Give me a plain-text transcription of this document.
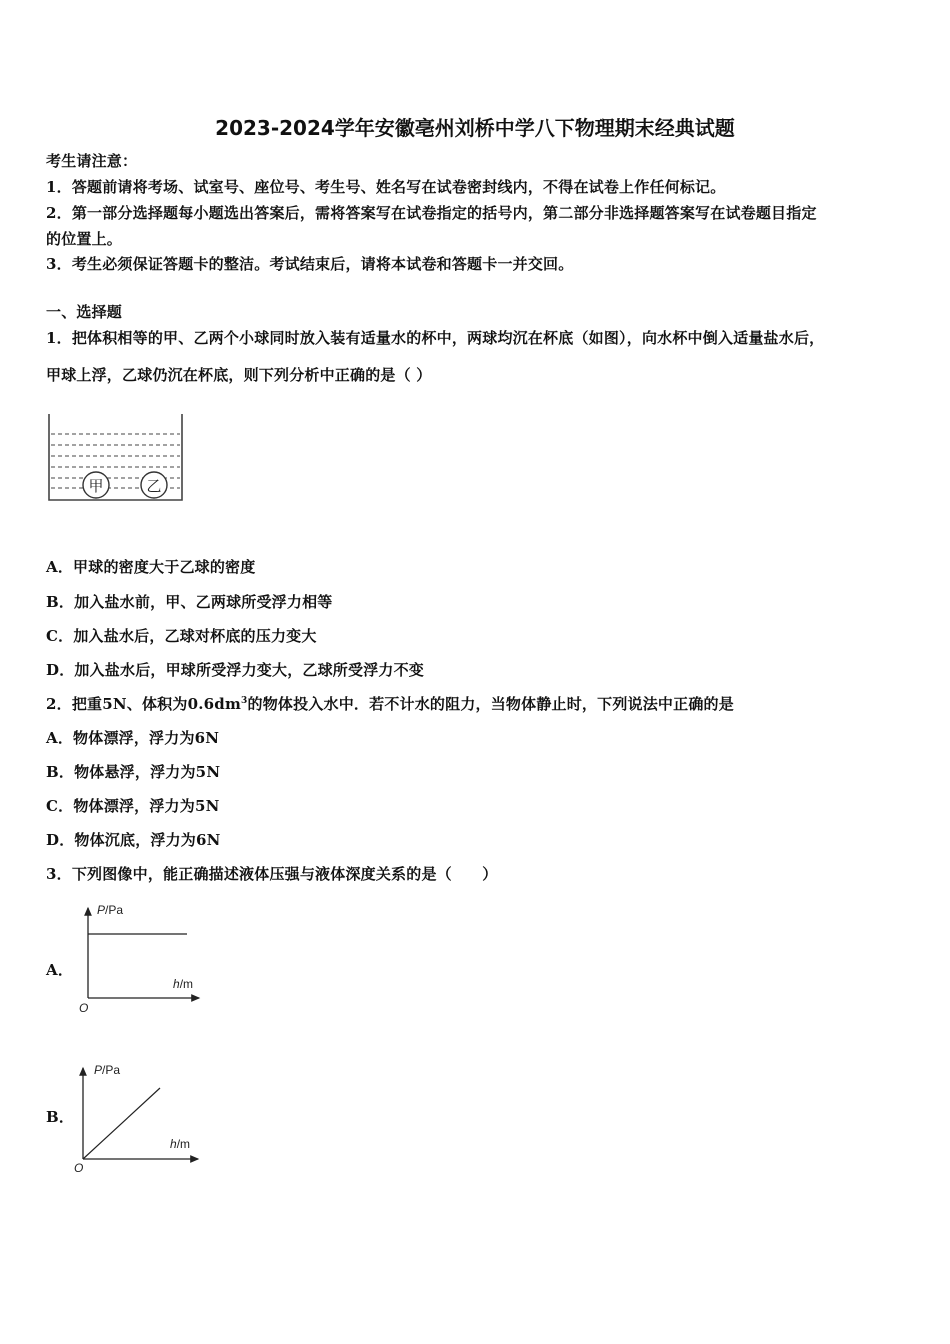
2023-2024学年安徽亳州刘桥中学八下物理期末经典试题
考生请注意：
1．答题前请将考场、试室号、座位号、考生号、姓名写在试卷密封线内，不得在试卷上作任何标记。
2．第一部分选择题每小题选出答案后，需将答案写在试卷指定的括号内，第二部分非选择题答案写在试卷题目指定
的位置上。
3．考生必须保证答题卡的整洁。考试结束后，请将本试卷和答题卡一并交回。
一、选择题
1．把体积相等的甲、乙两个小球同时放入装有适量水的杯中，两球均沉在杯底（如图），向水杯中倒入适量盐水后，
甲球上浮，乙球仍沉在杯底，则下列分析中正确的是（ ）
甲	乙
A．甲球的密度大于乙球的密度
B．加入盐水前，甲、乙两球所受浮力相等
C．加入盐水后，乙球对杯底的压力变大
D．加入盐水后，甲球所受浮力变大，乙球所受浮力不变
2．把重5N、体积为$0.6dm^3$的物体投入水中．若不计水的阻力，当物体静止时，下列说法中正确的是
A．物体漂浮，浮力为6N
B．物体悬浮，浮力为5N
C．物体漂浮，浮力为5N
D．物体沉底，浮力为6N
3．下列图像中，能正确描述液体压强与液体深度关系的是（　　）
A．
P/Pa
h/m
O
B．
P/Pa
h/m
O
